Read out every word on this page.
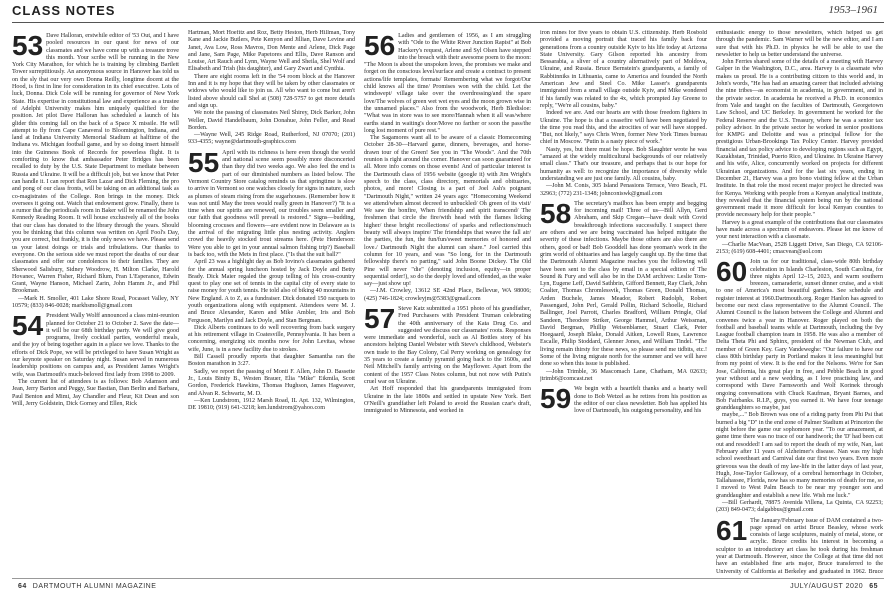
CLASS NOTES	1953–1961
53 Dave Halloran, erstwhile editor of '53 Out, and I have pooled resources in our quest for news of our classmates and we have come up with a treasure trove this month. Your scribe will be running in the New York City Marathon, for which he is training by climbing Bartlett Tower surreptitiously. An anonymous source in Hanover has told us on the sly that our very own Donna Reilly, longtime docent at the Hood, is first in line for consideration in its chief executive. Lots of luck, Donna. Dick Cole will be running for governor of New York State. His expertise in constitutional law and experience as a trustee of Adelphi University makes him uniquely qualified for the position. Jet pilot Dave Halloran has scheduled a launch of his glider this coming fall on the back of a Space X missile. He will attempt to fly from Cape Canaveral to Bloomington, Indiana, and land at Indiana University Memorial Stadium at halftime of the Indiana vs. Michigan football game, and by so doing insert himself into the Guinness Book of Records for powerless flight. It is comforting to know that ambassador Peter Bridges has been recalled to duty by the U.S. State Department to mediate between Russia and Ukraine. It will be a difficult job, but we know that Peter can handle it. I can report that Ron Lazar and Dick Fleming, the pro and pong of our class fronts, will be taking on an additional task as co-magistrates of the College. Ron brings in the money. Dick oversees it going out. Watch that endowment grow. Finally, there is a rumor that the periodicals room in Baker will be renamed the John Kennedy Reading Room. It will house exclusively all of the books that our class has donated to the library through the years. Should you be thinking that this column was written on April Fool's Day, you are correct, but frankly, it is the only news we have. Please send us your latest doings or trials and tribulations. Our thanks to everyone. On the serious side we must report the deaths of our dear classmates and offer our condolences to their families. They are Sherwood Salisbury, Sidney Woodrow, H. Milton Clarke, Harold Hovanec, Warren Fisher, Richard Blum, Fran L'Esperance, Edwin Grant, Wayne Hanson, Michael Zarin, John Hamm Jr., and Phil Brookman.

—Mark H. Smoller, 401 Lake Shore Road, Pocasset Valley, NY 10579; (833) 846-0028; markhsmoll@gmail.com

54 President Wally Wolff announced a class mini-reunion planned for October 21 to October 2. Save the date—it will be our 68th birthday party. We will give good programs, lively cocktail parties, wonderful meals, and the joy of being together again in a place we love. Thanks to the efforts of Dick Pope, we will be privileged to have Susan Wright as our keynote speaker on Saturday night. Susan served in numerous leadership positions on campus and, as President James Wright's wife, was Dartmouth's much-beloved first lady from 1998 to 2009.

The current list of attendees is as follows: Bob Adamson and Jean, Jerry Barton and Peggy, Sue Bastian, Dan Berlin and Barbara, Paul Benton and Mimi, Jay Chandler and Fleur, Kit Dean and son Will, Jerry Goldstein, Dick Gorney and Ellen, Rick

Hartman, Mort Hoefitz and Roz, Betty Heston, Herb Hillman, Tony Kane and Jackie Butlers, Pete Kenyon and Jillian, Dave Levine and Janet, Ava Low, Ross Mavros, Don Mente and Arlene, Dick Page and Jane, Sam Page, Mike Papetores and Ellis, Dave Ranson and Louise, Art Rauch and Lynn, Wayne Well and Sheila, Shel Wolf and Elisabeth and Trish (his daughter), and Gary Zwart and Cynthia.

There are eight rooms left in the '54 room block at the Hanover Inn and it is my hope that they will be taken by other classmates or widows who would like to join us. All who want to come but aren't listed above should call Shel at (508) 728-5757 to get more details and sign up.

We note the passing of classmates Neil Shirey, Dick Barker, John Weller, David Handelbaum, John Donahue, John Feller, and Read Borden.

—Wayne Well, 245 Ridge Road, Rutherford, NJ 07070; (201) 933-4355; wayne@dartmouth-graphics.com

55 April with its richness is here even though the world and national scene seem possibly more disconcerted than they did two weeks ago. We also feel the end is part of our diminished numbers as listed below. The Vermont Country Store catalog reminds us that springtime is slow to arrive in Vermont so one watches closely for signs in nature, such as plumes of steam rising from the sugarhouses. (Remember how it was not until May the trees would really green in Hanover?) "It is a time when our spirits are renewed, our troubles seem smaller and our faith that goodness will prevail is restored." Signs—budding, blooming crocuses and flowers—are evident now in Delaware as is the arrival of the migrating little plus nesting activity. Anglers crowd the heavily stocked trout streams here. (Pete Henderson: Were you able to get in your annual salmon fishing trip?) Baseball is back too, with the Mets in first place. ("Is that the suit ball?"

April 23 was a highlight day as Bob Iovino's classmates gathered for the annual spring luncheon hosted by Jack Doyle and Betty Brady. Dick Maier regaled the group telling of his cross-country quest to play one set of tennis in the capital city of every state to raise money for youth tennis. He told also of biking 40 mountains in New England. A to Z, as a fundraiser. Dick donated 150 racquets to youth organizations along with equipment. Attendees were M. J. and Bruce Alexander, Karen and Mike Ambler, Iris and Bob Ferguson, Marilyn and Jack Doyle, and Stan Bergman.

Dick Alberts continues to do well recovering from back surgery at his retirement village in Coatesville, Pennsylvania. It has been a concerning, energizing six months now for John Levitas, whose wife, June, is in a new facility due to strokes.

Bill Cassell proudly reports that daughter Samantha ran the Boston marathon in 3:27.

Sadly, we report the passing of Monti F. Allen, John D. Bassette Jr., Louis Binity B., Westen Brauer, Elia "Mike" Eikmila, Scott Gordon, Frederick Hawkins, Thomas Hughson, James Hagwaver, and Alvan R. Schwartz, M. D.

—Ken Lundstrom, 1912 Marsh Road, IL Apt. 132, Wilmington, DE 19810; (919) 641-3218; ken.lundstrom@yahoo.com

56 Ladies and gentlemen of 1956, as I am struggling with "Ode to the White River Junction Rapist" at Bob Hackery's request, Arlene and Syl Olsen have stepped into the breach with their awesome poem to the moon: "The Moon is about the unspoken loves, the promises we make and forget on the conscious level/surface and create a contract to present actions/life templates, formats/ Remembering what we forgot/Our child knows all the time/ Promises won with the child. Let the windswept/ village take over the overdressing/and the spare love/The wolves of green wet wet eyes and the moon grown wise in the unnamed places." Also from the woodwork, Herb Bledisloe: "What was in store was to see more/Hannah when it all was/where earths stand in waiting's door/Move no farther or soon the pass/the long lost moment of pure rest."

The Sagamores want all to be aware of a classic Homecoming October 28-30—Harvard game, dinners, beverages, and horse-drawn tour of the Green! See you in "The Woods". And the 70th reunion is right around the corner. Hanover can soon guaranteed for all. More info comes on those events! And of particular interest is the Dartmouth class of 1956 website (google it) with Jim Wright's speech to the class, class directory, memorials and obituaries, photos, and more! Closing is a part of Joel Ash's poignant "Dartmouth Night," written 24 years ago: "Homecoming Weekend we attend/when almost decreed to unbuckled/ Oh green of its visit/ We saw the bonfire, When friendship and spirit transcend/ The freshmen that circle the fire/with head with the flames licking higher/ these bright recollections/ of sparks and reflections/much beauty will always inspire/ The friendships that weave the fall air/ the parties, the fun, the fun/fun/sweet memories of honored and love./ Dartmouth Night the alumni can share." Joel carried this column for 10 years, and was "So long, for in the Dartmouth fellowship there's no parting," said John Boone Dickey. The Old Pine will never "die" (denoting inclusion, equity—in proper sequential order!), so do the deeply loved and offended, as the wake say—just show up!

—J.M. Crowley, 13612 SE 42nd Place, Bellevue, WA 98006; (425) 746-1824; crowleyjm@5383@gmail.com

57 Steve Katz submitted a 1951 photo of his grandfather, Fred Purchasers with President Truman celebrating the 40th anniversary of the Kata Drug Co. and suggested we discuss our classmates' roots. Responses were immediate and wonderful, such as Al Bottles story of his ancestors helping Daniel Webster with Steve's childhood, Webster's own trade to the Bay Colony, Cal Perry working on genealogy for 35 years to create a family pyramid going back to the 1600s, and Neil Mitchell's family arriving on the Mayflower. Apart from the content of the 1957 Class Notes column, but not now with Putin's cruel war on Ukraine.

Art Hoff responded that his grandparents immigrated from Ukraine in the late 1800s and settled in upstate New York. Bert O'Neill's grandfather left Poland to avoid the Russian czar's draft, immigrated to Minnesota, and worked in

iron mines for five years to obtain U.S. citizenship. Herb Rosbold provided a moving portrait that traced his family back four generations from a country outside Kyiv to his life today at Arizona State University. Gary Gilson reported his ancestry from Bessarabia, a sliver of a country alternatively part of Moldova, Ukraine, and Russia. Bruce Bernstein's grandparents, a family of Rabbiinniks in Lithuania, came to America and founded the North American Jew and Steel Co. Mike Lasser's grandparents immigrated from a small village outside Kyiv, and Mike wondered if his family was related to the 4x, which prompted Jay Greene to reply, "We're all cousins, baby."

Indeed we are. And our hearts are with those freedom fighters in Ukraine. The hope is that a ceasefire will have been negotiated by the time you read this, and the atrocities of war will have stopped. "But, not likely," says Chris Wren, former New York Times bureau chief in Moscow. "Putin is a nasty piece of work."

Nasty, yes, but there must be hope. Bob Slaughter wrote he was "amazed at the widely multicultural backgrounds of our relatively small class." That's our treasure, and perhaps that is our hope for humanity as well: to recognize the importance of diversity while understanding we are just one family. All cousins, baby.

—John M. Conis, 305 Island Penasions Terrace, Vero Beach, FL 32963; (772) 231-1348; johnconiswk@gmail.com

58 The secretary's mailbox has been empty and begging for incoming mail! Three of us—Bill Allyn, Gerd Abraham, and Skip Cregan—have dealt with Covid breakthrough infections successfully. I suspect there are others and we are being vaccinated has helped mitigate the severity of these infections. Maybe those others are also there are others, good or bad! Bob Gooddell has done yeoman's work in the grim world of obituaries and has largely caught up. By the time that the Dartmouth Alumni Magazine reaches you the following will have been sent to the class by email in a special edition of The Sound & Fury and will also be in the DAM archives: Leslie Tom-Lyn, Eugene Leff, David Sathbrin, Gifford Bennett, Ray Clark, John Coalter, Thomas Chromlessvik, Thomas Green, Donald Thomas, Arden Buchele, James Meador, Robert Rudolph, Robert Passengard, John Perl, Gerald Pollin, Richard Schoelle, Richard Ballinger, Joel Parrott, Charles Bradford, William Pringle, Olaf Sandeen, Theodore Striker, George Hammel, Arthur Weissman, David Bergman, Phillip Weisenblamer, Stuart Clark, Peter Hoegaard, Joseph Blake, Donald Aitken, Lowell Rues, Lawrence Escalle, Philip Stoddard, Glenner Jones, and William Tindel. "The living remain thirsty for these news, so please send me tidbits, etc.! Some of the living migrate north for the summer and we will have done so when this issue is published.

—John Trimble, 36 Mascomach Lane, Chatham, MA 02633; jtrimb6@comcast.net

59 We begin with a heartfelt thanks and a hearty well done to Bob Wetzel as he retires from his position as the editor of our class newsletter. Bob has applied his love of Dartmouth, his outgoing personality, and his

enthusiastic energy to those newsletters, which helped us get through the pandemic. Sam Warner will be the new editor, and I am sure that with his Ph.D. in physics he will be able to use the newsletter to help us better understand the universe.

John Ferries shared some of the details of a meeting with Harvey Galper in the Washington, D.C., area. Harvey is a classmate who makes us proud. He is a contributing citizen to this world and, in John's words, "He has had an amazing career that included advising the nine tribes—as economist in academia, in government, and in the private sector. In academia he received a Ph.D. in economics from Yale and taught on the faculties of Dartmouth, Georgetown Law School, and UC Berkeley. In government he worked for the Federal Reserve and the U.S. Treasury, where he was a senior tax policy advisor. In the private sector he worked in senior positions for KMPG and Deloitte and was a principal fellow for the prestigious Urban-Brookings Tax Policy Center. Harvey provided financial and tax policy advice to developing regions such as Egypt, Kazakhstan, Trinidad, Puerto Rico, and Ukraine. In Ukraine Harvey and his wife, Alice, concurrently worked on projects for different Ukrainian organizations. And for the last six years, ending in December 21, Harvey was a pro bono visiting fellow at the Urban Institute. In that role the most recent major project he directed was for Kenya. Working with people from a Kenyan analytical institute, they revealed that the financial system being run by the national government made it more difficult for local Kenyan counties to provide necessary help for their people."

Harvey is a great example of the contributions that our classmates have made across a spectrum of endeavors. Please let me know of your next interaction with a classmate.

—Charlie MacVean, 2528 Liggett Drive, San Diego, CA 92106-2153; (619) 608-4401; cmacvean@aol.com

60 Join us for our traditional, class-wide 80th birthday celebration in Islands Charleston, South Carolina, for three nights April 12–15, 2023, and warm southern breezes, camaraderie, sunset dinner cruise, and a visit to one of America's most beautiful gardens. See schedule and register interest at 1960.Dartmouth.org. Roger Hanlon has agreed to become our next class representative to the Alumni Council. The Alumni Council is the liaison between the College and Alumni and convenes twice a year in Hanover. Roger played on both the football and baseball teams while at Dartmouth, including the Ivy League football champion team in 1958. He was also a member of Delta Theta Phi and Sphinx, president of the Newman Club, and member of Green Key. Gary Vandeweghe: "Our failure to have our class 80th birthday party in Portland makes it less meaningful but from my point of view. It is the end for the Nelsons. We're for San Jose, California, his great play in free, and Pebble Beach in good year without and a new wedding, as I love practising law, and correspond with Dave Farnsworth and Wolf Korinek through ongoing conversations with Chuck Kaufman, Bryant Barnes, and Bob Fairbanks. R.I.P., guys, you earned it. We have four teenage granddaughters so maybe, just

maybe,..." Bob Brown was one of a riding party from Phi Psi that burned a big "D" in the end zone of Palmer Stadium at Princeton the night before the game our sophomore year. "To our amazement, at game time there was no trace of our handiwork; the 'D' had been cut out and resodded! I am sad to report the death of my wife, Nan, last February after 11 years of Alzheimer's disease. Nan was my high school sweetheart and Carnival date our first two years. Even more grievous was the death of my law-life in the latter days of last year, Hugh, Jose-Taylor Galloway, of a cerebral hemorrhage in October, Tallahassee, Florida, now has so many memories of death for me, so I moved to West Palm Beach to be near my younger son and granddaughter and establish a new life. Wish me luck."

—Bill Gerhardt, 78875 Avenida Villena, La Quinta, CA 92253; (203) 849-0473; dalgabbus@gmail.com

61 The January/February issue of DAM contained a two-page spread on artist Bruce Beasley, whose work consists of large sculptures, mainly of metal, stone, or acrylic. Bruce credits his interest in becoming a sculptor to an introductory art class he took during his freshman year at Dartmouth. However, since the College at that time did not have an established fine arts major, Bruce transferred to the University of California at Berkeley and graduated in 1962. Bruce

64 DARTMOUTH ALUMNI MAGAZINE	JULY/AUGUST 2020 65
